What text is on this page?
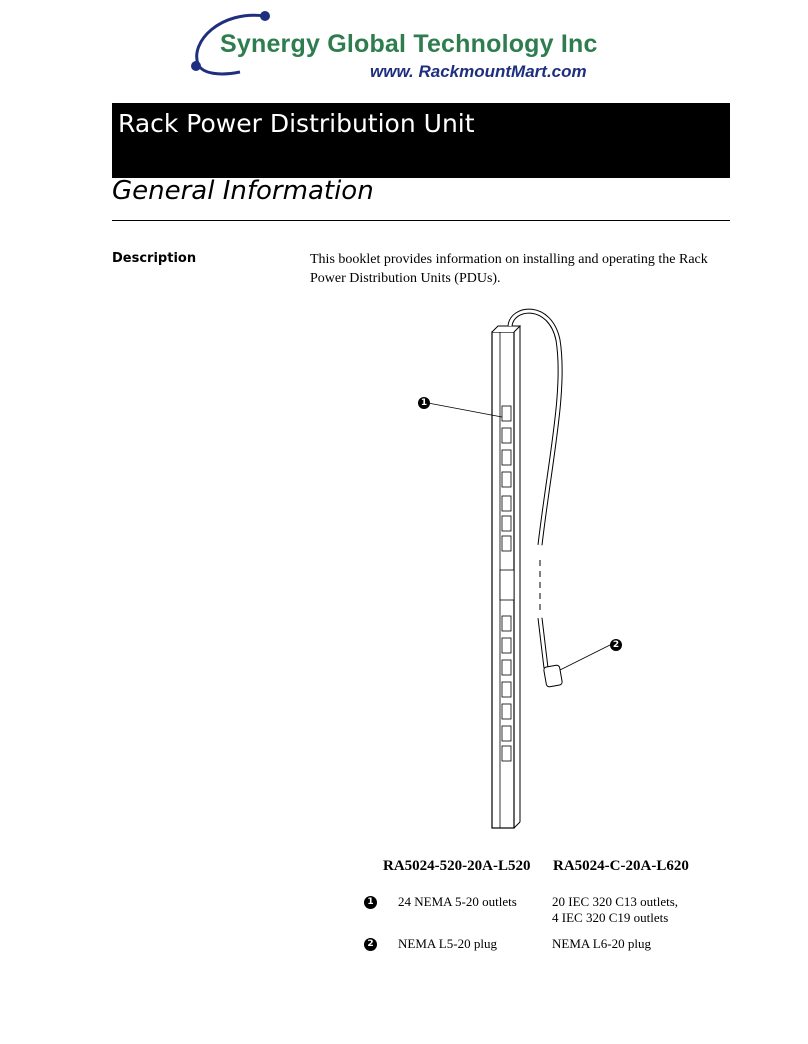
Synergy Global Technology Inc
www. RackmountMart.com
Rack Power Distribution Unit
General Information
Description	This booklet provides information on installing and operating the Rack Power Distribution Units (PDUs).
1
2
RA5024-520-20A-L520 RA5024-C-20A-L620
1 24 NEMA 5-20 outlets	20 IEC 320 C13 outlets,
4 IEC 320 C19 outlets
2 NEMA L5-20 plug	NEMA L6-20 plug
